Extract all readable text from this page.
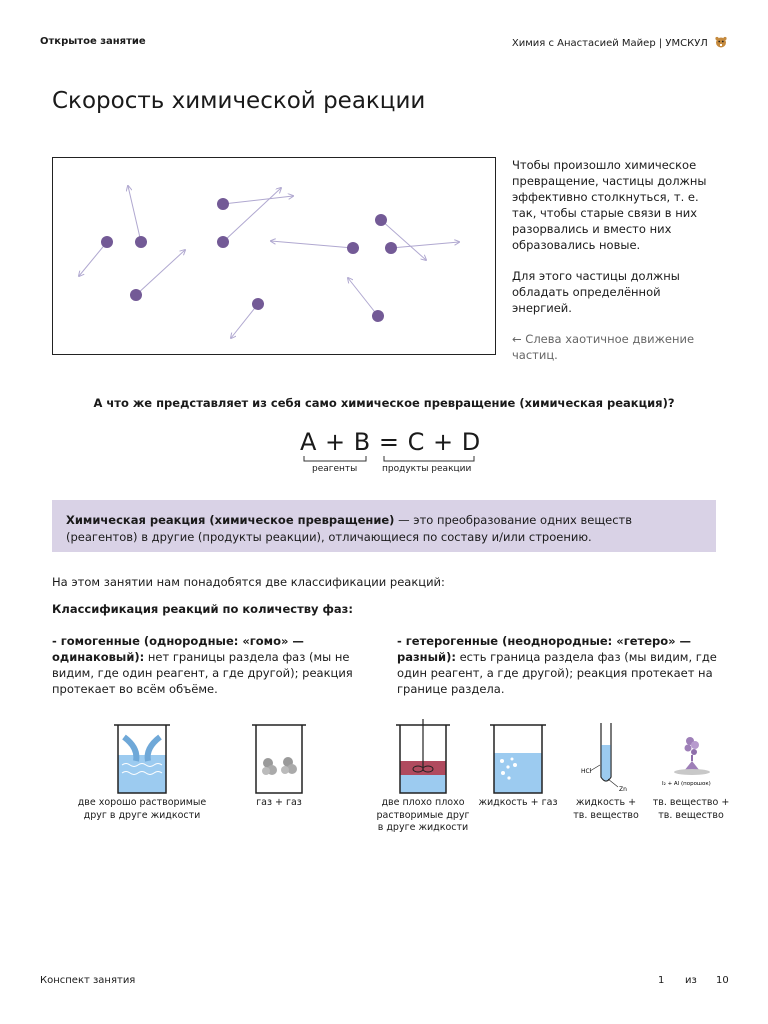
Открытое занятие	Химия с Анастасией Майер | УМСКУЛ
Скорость химической реакции

Чтобы произошло химическое превращение, частицы должны эффективно столкнуться, т. е. так, чтобы старые связи в них разорвались и вместо них образовались новые.

Для этого частицы должны обладать определённой энергией.

← Слева хаотичное движение частиц.

А что же представляет из себя само химическое превращение (химическая реакция)?
A + B = C + D
реагенты	продукты реакции
Химическая реакция (химическое превращение) — это преобразование одних веществ (реагентов) в другие (продукты реакции), отличающиеся по составу и/или строению.
На этом занятии нам понадобятся две классификации реакций:
Классификация реакций по количеству фаз:
- гомогенные (однородные: «гомо» — одинаковый): нет границы раздела фаз (мы не видим, где один реагент, а где другой); реакция протекает во всём объёме.
- гетерогенные (неоднородные: «гетеро» — разный): есть граница раздела фаз (мы видим, где один реагент, а где другой); реакция протекает на границе раздела.
HCl
Zn
I₂ + Al (порошок)
две хорошо растворимые друг в друге жидкости
газ + газ	две плохо плохо растворимые друг в друге жидкости
жидкость + газ	жидкость + тв. вещество
тв. вещество + тв. вещество
Конспект занятия	1 из 10
